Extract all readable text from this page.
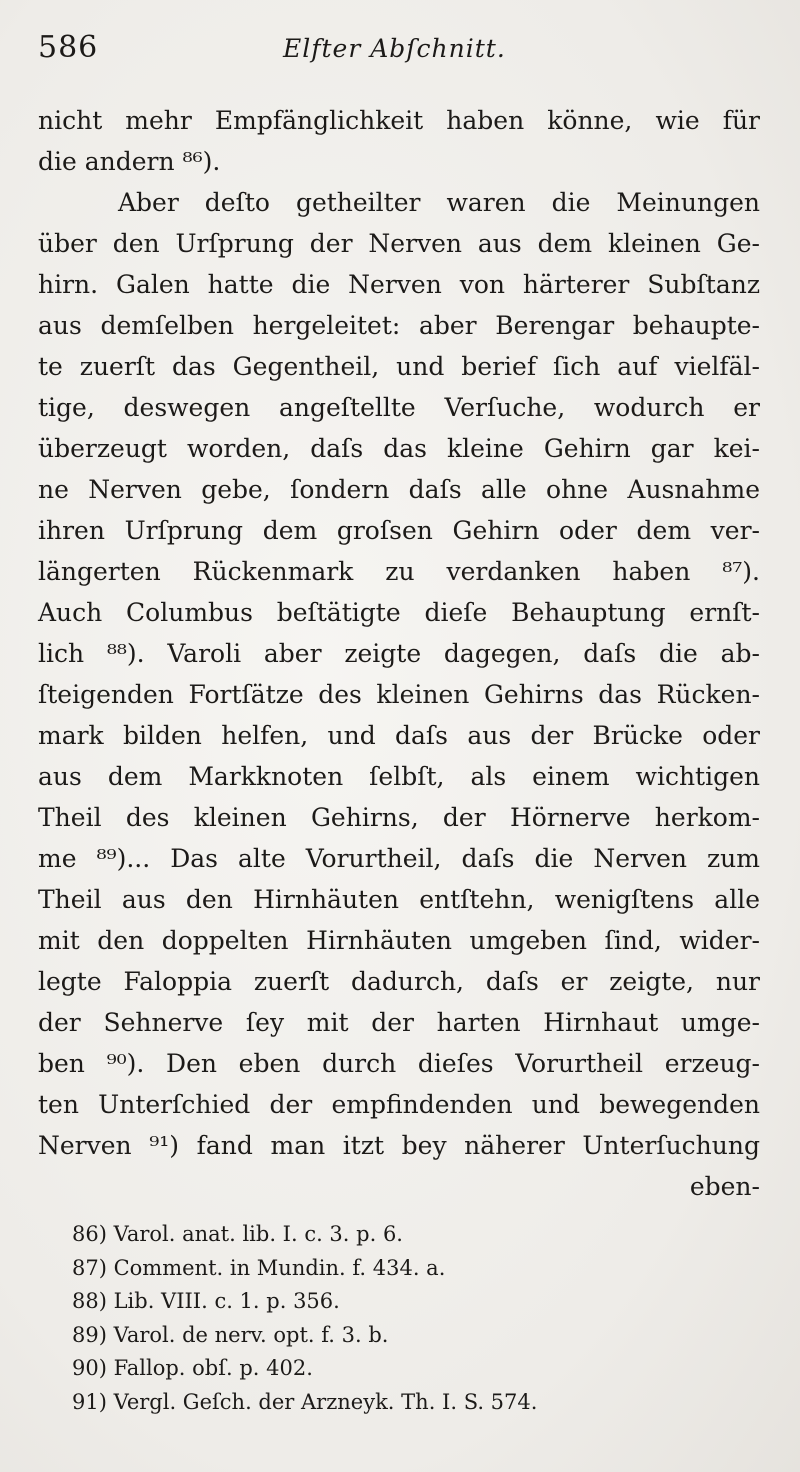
586	Elfter Abſchnitt.
nicht mehr Empfänglichkeit haben könne, wie für
die andern ⁸⁶).
Aber deſto getheilter waren die Meinungen
über den Urſprung der Nerven aus dem kleinen Ge-
hirn. Galen hatte die Nerven von härterer Subſtanz
aus demſelben hergeleitet: aber Berengar behaupte-
te zuerſt das Gegentheil, und berief ſich auf vielfäl-
tige, deswegen angeſtellte Verſuche, wodurch er
überzeugt worden, daſs das kleine Gehirn gar kei-
ne Nerven gebe, ſondern daſs alle ohne Ausnahme
ihren Urſprung dem groſsen Gehirn oder dem ver-
längerten Rückenmark zu verdanken haben ⁸⁷).
Auch Columbus beſtätigte dieſe Behauptung ernſt-
lich ⁸⁸). Varoli aber zeigte dagegen, daſs die ab-
ſteigenden Fortſätze des kleinen Gehirns das Rücken-
mark bilden helfen, und daſs aus der Brücke oder
aus dem Markknoten ſelbſt, als einem wichtigen
Theil des kleinen Gehirns, der Hörnerve herkom-
me ⁸⁹)... Das alte Vorurtheil, daſs die Nerven zum
Theil aus den Hirnhäuten entſtehn, wenigſtens alle
mit den doppelten Hirnhäuten umgeben ſind, wider-
legte Faloppia zuerſt dadurch, daſs er zeigte, nur
der Sehnerve ſey mit der harten Hirnhaut umge-
ben ⁹⁰). Den eben durch dieſes Vorurtheil erzeug-
ten Unterſchied der empfindenden und bewegenden
Nerven ⁹¹) fand man itzt bey näherer Unterſuchung
eben-
86) Varol. anat. lib. I. c. 3. p. 6.
87) Comment. in Mundin. f. 434. a.
88) Lib. VIII. c. 1. p. 356.
89) Varol. de nerv. opt. f. 3. b.
90) Fallop. obſ. p. 402.
91) Vergl. Geſch. der Arzneyk. Th. I. S. 574.
